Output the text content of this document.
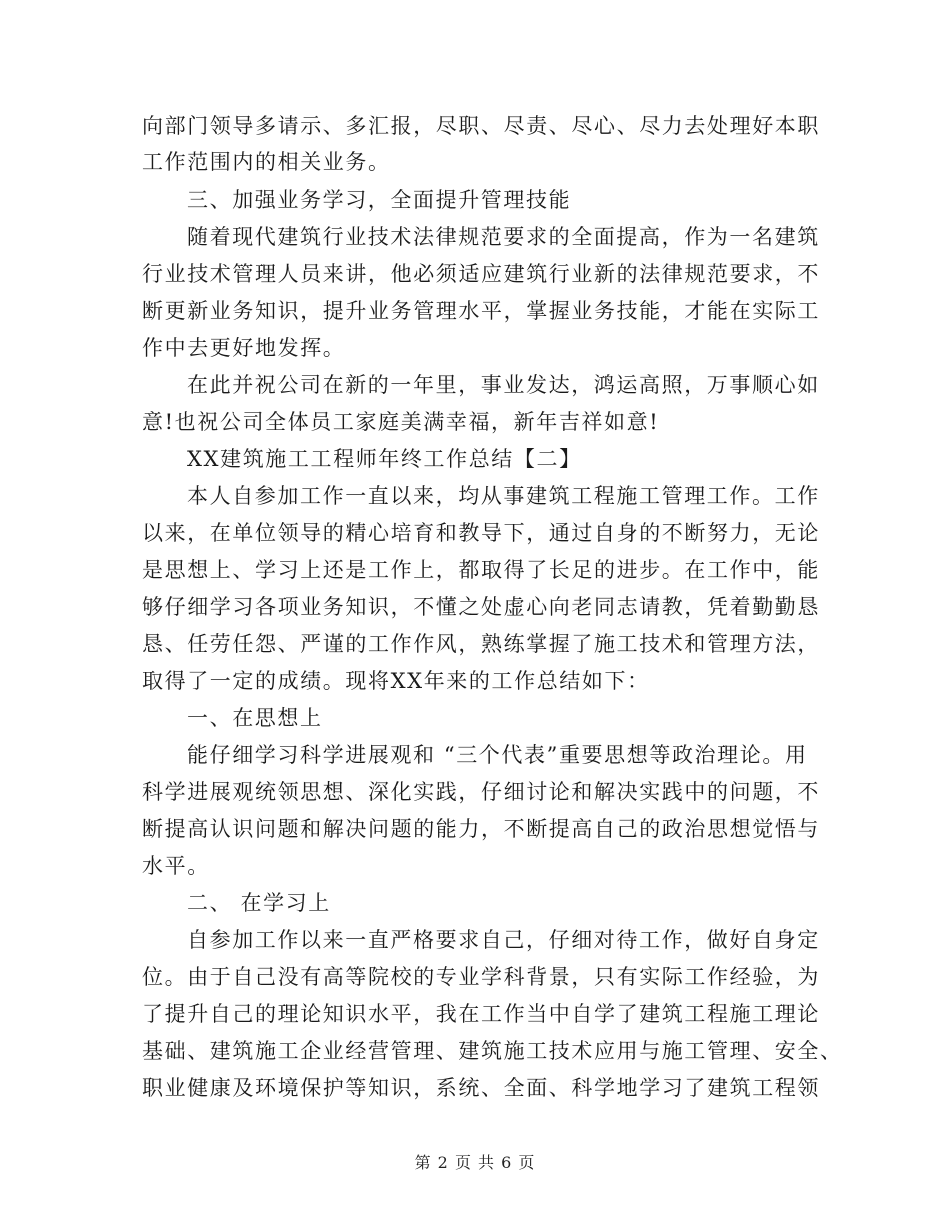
向部门领导多请示、多汇报，尽职、尽责、尽心、尽力去处理好本职
工作范围内的相关业务。
三、加强业务学习，全面提升管理技能
随着现代建筑行业技术法律规范要求的全面提高，作为一名建筑
行业技术管理人员来讲，他必须适应建筑行业新的法律规范要求，不
断更新业务知识，提升业务管理水平，掌握业务技能，才能在实际工
作中去更好地发挥。
在此并祝公司在新的一年里，事业发达，鸿运高照，万事顺心如
意!也祝公司全体员工家庭美满幸福，新年吉祥如意!
XX建筑施工工程师年终工作总结【二】
本人自参加工作一直以来，均从事建筑工程施工管理工作。工作
以来，在单位领导的精心培育和教导下，通过自身的不断努力，无论
是思想上、学习上还是工作上，都取得了长足的进步。在工作中，能
够仔细学习各项业务知识，不懂之处虚心向老同志请教，凭着勤勤恳
恳、任劳任怨、严谨的工作作风，熟练掌握了施工技术和管理方法，
取得了一定的成绩。现将XX年来的工作总结如下：
一、在思想上
能仔细学习科学进展观和 “三个代表”重要思想等政治理论。用
科学进展观统领思想、深化实践，仔细讨论和解决实践中的问题，不
断提高认识问题和解决问题的能力，不断提高自己的政治思想觉悟与
水平。
二、 在学习上
自参加工作以来一直严格要求自己，仔细对待工作，做好自身定
位。由于自己没有高等院校的专业学科背景，只有实际工作经验，为
了提升自己的理论知识水平，我在工作当中自学了建筑工程施工理论
基础、建筑施工企业经营管理、建筑施工技术应用与施工管理、安全、
职业健康及环境保护等知识，系统、全面、科学地学习了建筑工程领
第 2 页 共 6 页
